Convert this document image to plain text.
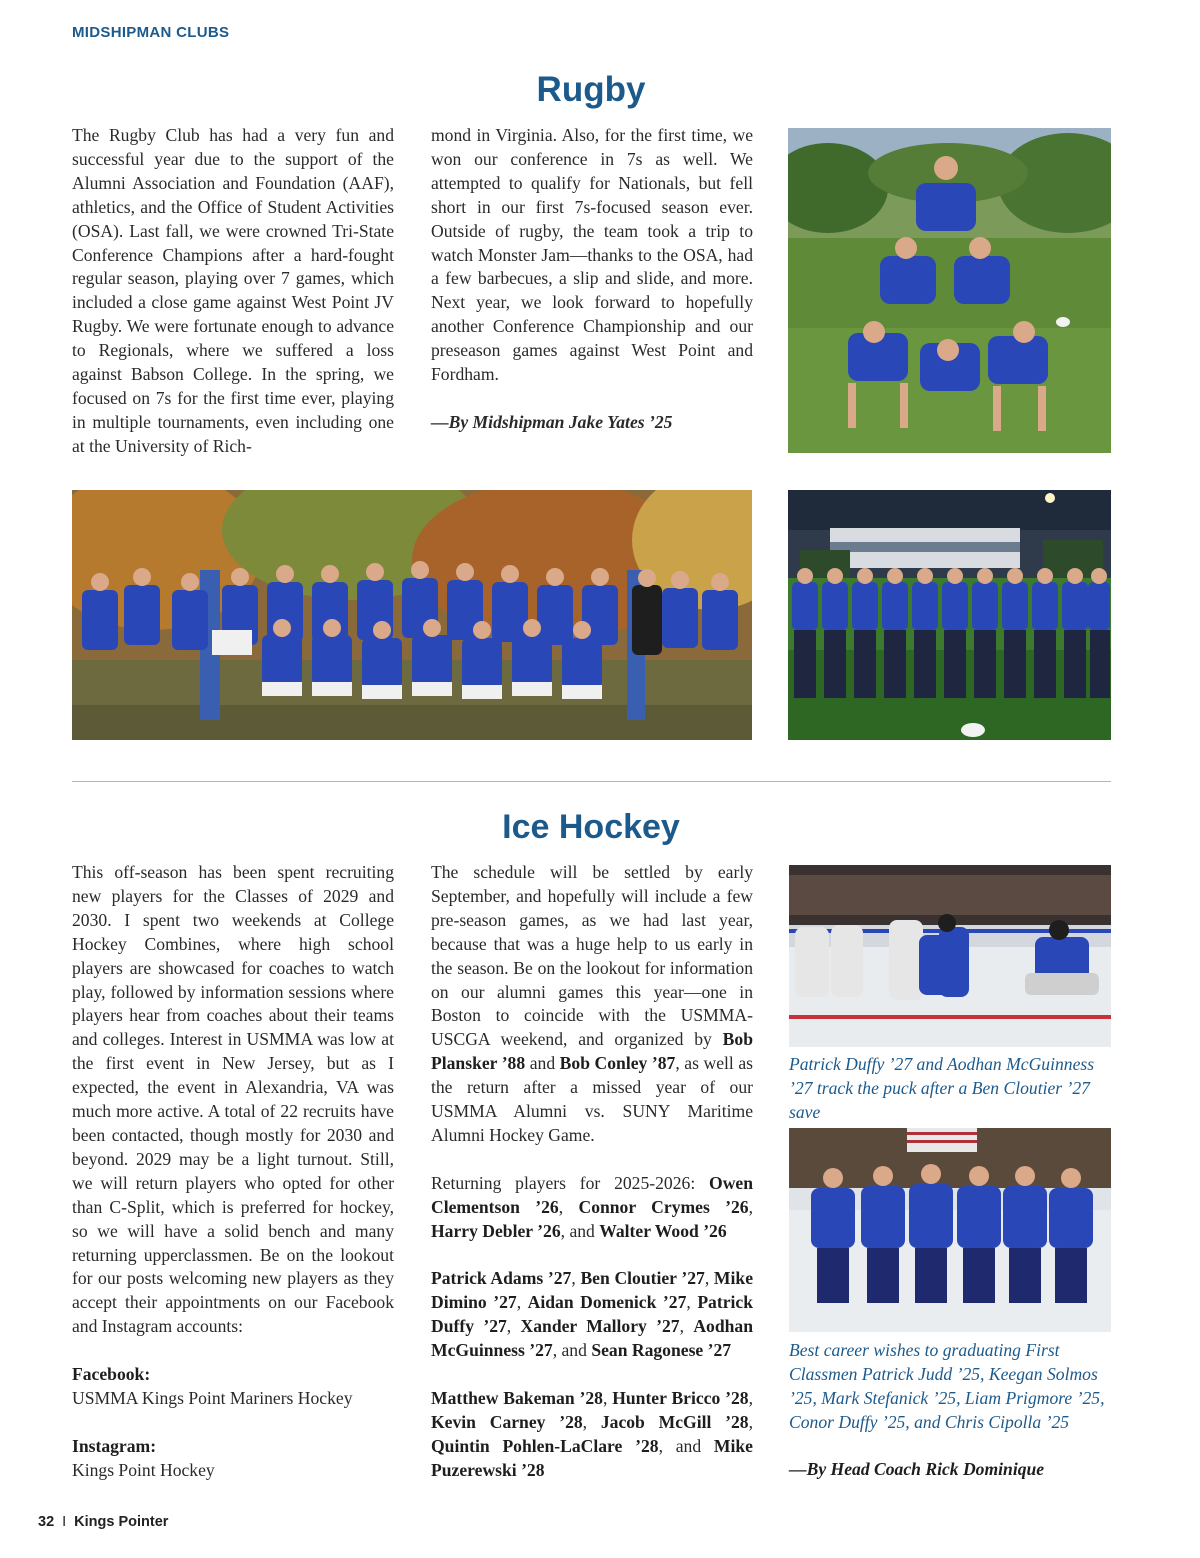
MIDSHIPMAN CLUBS
Rugby

The Rugby Club has had a very fun and successful year due to the support of the Alumni Association and Foundation (AAF), athletics, and the Office of Student Activities (OSA). Last fall, we were crowned Tri-State Conference Champions after a hard-fought regular season, playing over 7 games, which included a close game against West Point JV Rugby. We were fortunate enough to advance to Regionals, where we suffered a loss against Babson College. In the spring, we focused on 7s for the first time ever, playing in multiple tournaments, even including one at the University of Rich-

mond in Virginia. Also, for the first time, we won our conference in 7s as well. We attempted to qualify for Nationals, but fell short in our first 7s-focused season ever. Outside of rugby, the team took a trip to watch Monster Jam—thanks to the OSA, had a few barbecues, a slip and slide, and more. Next year, we look forward to hopefully another Conference Championship and our preseason games against West Point and Fordham.

—By Midshipman Jake Yates ’25

Ice Hockey

This off-season has been spent recruiting new players for the Classes of 2029 and 2030. I spent two weekends at College Hockey Combines, where high school players are showcased for coaches to watch play, followed by information sessions where players hear from coaches about their teams and colleges. Interest in USMMA was low at the first event in New Jersey, but as I expected, the event in Alexandria, VA was much more active. A total of 22 recruits have been contacted, though mostly for 2030 and beyond. 2029 may be a light turnout. Still, we will return players who opted for other than C-Split, which is preferred for hockey, so we will have a solid bench and many returning upperclassmen. Be on the lookout for our posts welcoming new players as they accept their appointments on our Facebook and Instagram accounts:

Facebook:
USMMA Kings Point Mariners Hockey

Instagram:
Kings Point Hockey

The schedule will be settled by early September, and hopefully will include a few pre-season games, as we had last year, because that was a huge help to us early in the season. Be on the lookout for information on our alumni games this year—one in Boston to coincide with the USMMA-USCGA weekend, and organized by Bob Plansker ’88 and Bob Conley ’87, as well as the return after a missed year of our USMMA Alumni vs. SUNY Maritime Alumni Hockey Game.

Returning players for 2025-2026: Owen Clementson ’26, Connor Crymes ’26, Harry Debler ’26, and Walter Wood ’26

Patrick Adams ’27, Ben Cloutier ’27, Mike Dimino ’27, Aidan Domenick ’27, Patrick Duffy ’27, Xander Mallory ’27, Aodhan McGuinness ’27, and Sean Ragonese ’27

Matthew Bakeman ’28, Hunter Bricco ’28, Kevin Carney ’28, Jacob McGill ’28, Quintin Pohlen-LaClare ’28, and Mike Puzerewski ’28

Patrick Duffy ’27 and Aodhan McGuinness ’27 track the puck after a Ben Cloutier ’27 save
Best career wishes to graduating First Classmen Patrick Judd ’25, Keegan Solmos ’25, Mark Stefanick ’25, Liam Prigmore ’25, Conor Duffy ’25, and Chris Cipolla ’25
—By Head Coach Rick Dominique
32 I Kings Pointer
